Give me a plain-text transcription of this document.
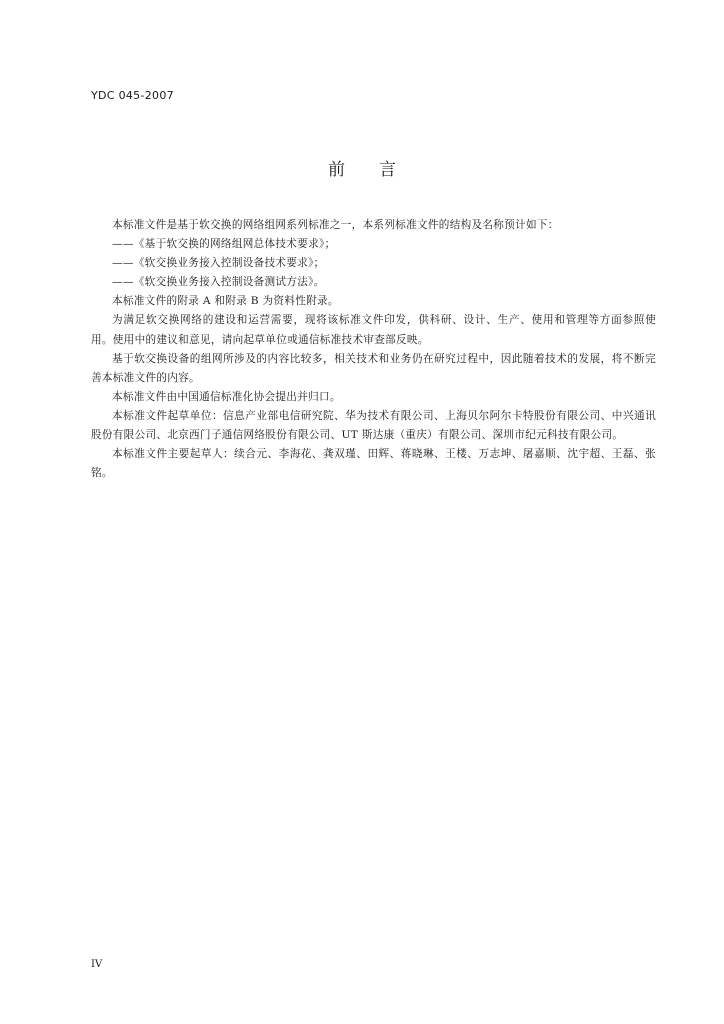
YDC 045-2007
前　　言

本标准文件是基于软交换的网络组网系列标准之一，本系列标准文件的结构及名称预计如下：

——《基于软交换的网络组网总体技术要求》；

——《软交换业务接入控制设备技术要求》；

——《软交换业务接入控制设备测试方法》。

本标准文件的附录 A 和附录 B 为资料性附录。

为满足软交换网络的建设和运营需要，现将该标准文件印发，供科研、设计、生产、使用和管理等方面参照使用。使用中的建议和意见，请向起草单位或通信标准技术审查部反映。

基于软交换设备的组网所涉及的内容比较多，相关技术和业务仍在研究过程中，因此随着技术的发展，将不断完善本标准文件的内容。

本标准文件由中国通信标准化协会提出并归口。

本标准文件起草单位：信息产业部电信研究院、华为技术有限公司、上海贝尔阿尔卡特股份有限公司、中兴通讯股份有限公司、北京西门子通信网络股份有限公司、UT 斯达康（重庆）有限公司、深圳市纪元科技有限公司。

本标准文件主要起草人：续合元、李海花、龚双瑾、田辉、蒋晓琳、王楼、万志坤、屠嘉顺、沈宇超、王磊、张铭。

IV
